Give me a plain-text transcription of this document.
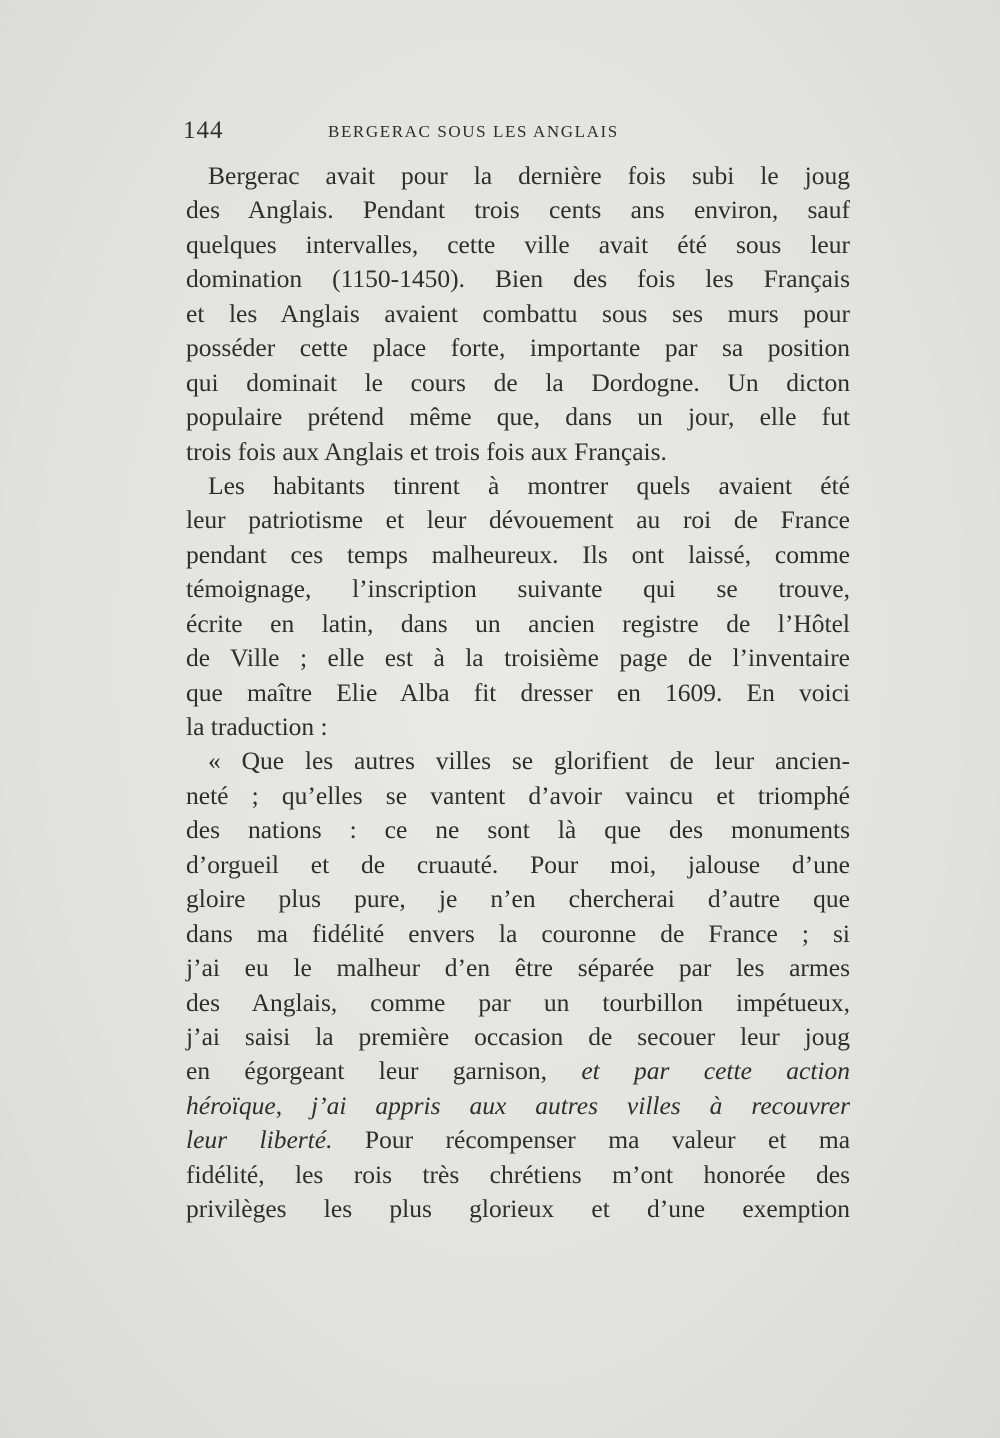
144	BERGERAC SOUS LES ANGLAIS
Bergerac avait pour la dernière fois subi le joug
des Anglais. Pendant trois cents ans environ, sauf
quelques intervalles, cette ville avait été sous leur
domination (1150-1450). Bien des fois les Français
et les Anglais avaient combattu sous ses murs pour
posséder cette place forte, importante par sa position
qui dominait le cours de la Dordogne. Un dicton
populaire prétend même que, dans un jour, elle fut
trois fois aux Anglais et trois fois aux Français.
Les habitants tinrent à montrer quels avaient été
leur patriotisme et leur dévouement au roi de France
pendant ces temps malheureux. Ils ont laissé, comme
témoignage, l’inscription suivante qui se trouve,
écrite en latin, dans un ancien registre de l’Hôtel
de Ville ; elle est à la troisième page de l’inventaire
que maître Elie Alba fit dresser en 1609. En voici
la traduction :
« Que les autres villes se glorifient de leur ancien-
neté ; qu’elles se vantent d’avoir vaincu et triomphé
des nations : ce ne sont là que des monuments
d’orgueil et de cruauté. Pour moi, jalouse d’une
gloire plus pure, je n’en chercherai d’autre que
dans ma fidélité envers la couronne de France ; si
j’ai eu le malheur d’en être séparée par les armes
des Anglais, comme par un tourbillon impétueux,
j’ai saisi la première occasion de secouer leur joug
en égorgeant leur garnison, et par cette action
héroïque, j’ai appris aux autres villes à recouvrer
leur liberté. Pour récompenser ma valeur et ma
fidélité, les rois très chrétiens m’ont honorée des
privilèges les plus glorieux et d’une exemption
